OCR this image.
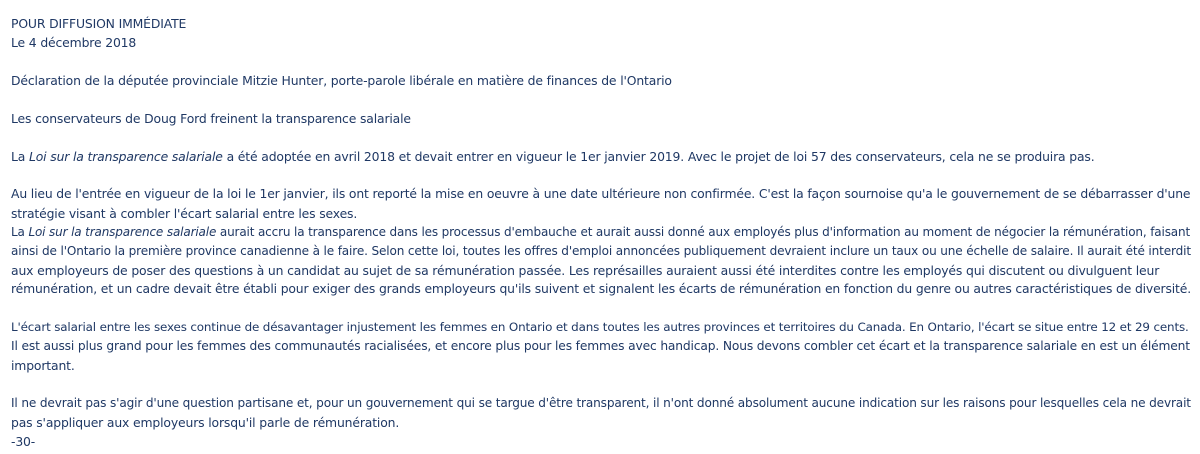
POUR DIFFUSION IMMÉDIATE

Le 4 décembre 2018

Déclaration de la députée provinciale Mitzie Hunter, porte-parole libérale en matière de finances de l'Ontario

Les conservateurs de Doug Ford freinent la transparence salariale

La Loi sur la transparence salariale a été adoptée en avril 2018 et devait entrer en vigueur le 1er janvier 2019. Avec le projet de loi 57 des conservateurs, cela ne se produira pas.

Au lieu de l'entrée en vigueur de la loi le 1er janvier, ils ont reporté la mise en oeuvre à une date ultérieure non confirmée. C'est la façon sournoise qu'a le gouvernement de se débarrasser d'une

stratégie visant à combler l'écart salarial entre les sexes.

La Loi sur la transparence salariale aurait accru la transparence dans les processus d'embauche et aurait aussi donné aux employés plus d'information au moment de négocier la rémunération, faisant

ainsi de l'Ontario la première province canadienne à le faire. Selon cette loi, toutes les offres d'emploi annoncées publiquement devraient inclure un taux ou une échelle de salaire. Il aurait été interdit

aux employeurs de poser des questions à un candidat au sujet de sa rémunération passée. Les représailles auraient aussi été interdites contre les employés qui discutent ou divulguent leur

rémunération, et un cadre devait être établi pour exiger des grands employeurs qu'ils suivent et signalent les écarts de rémunération en fonction du genre ou autres caractéristiques de diversité.

L'écart salarial entre les sexes continue de désavantager injustement les femmes en Ontario et dans toutes les autres provinces et territoires du Canada. En Ontario, l'écart se situe entre 12 et 29 cents.

Il est aussi plus grand pour les femmes des communautés racialisées, et encore plus pour les femmes avec handicap. Nous devons combler cet écart et la transparence salariale en est un élément

important.

Il ne devrait pas s'agir d'une question partisane et, pour un gouvernement qui se targue d'être transparent, il n'ont donné absolument aucune indication sur les raisons pour lesquelles cela ne devrait

pas s'appliquer aux employeurs lorsqu'il parle de rémunération.

-30-
